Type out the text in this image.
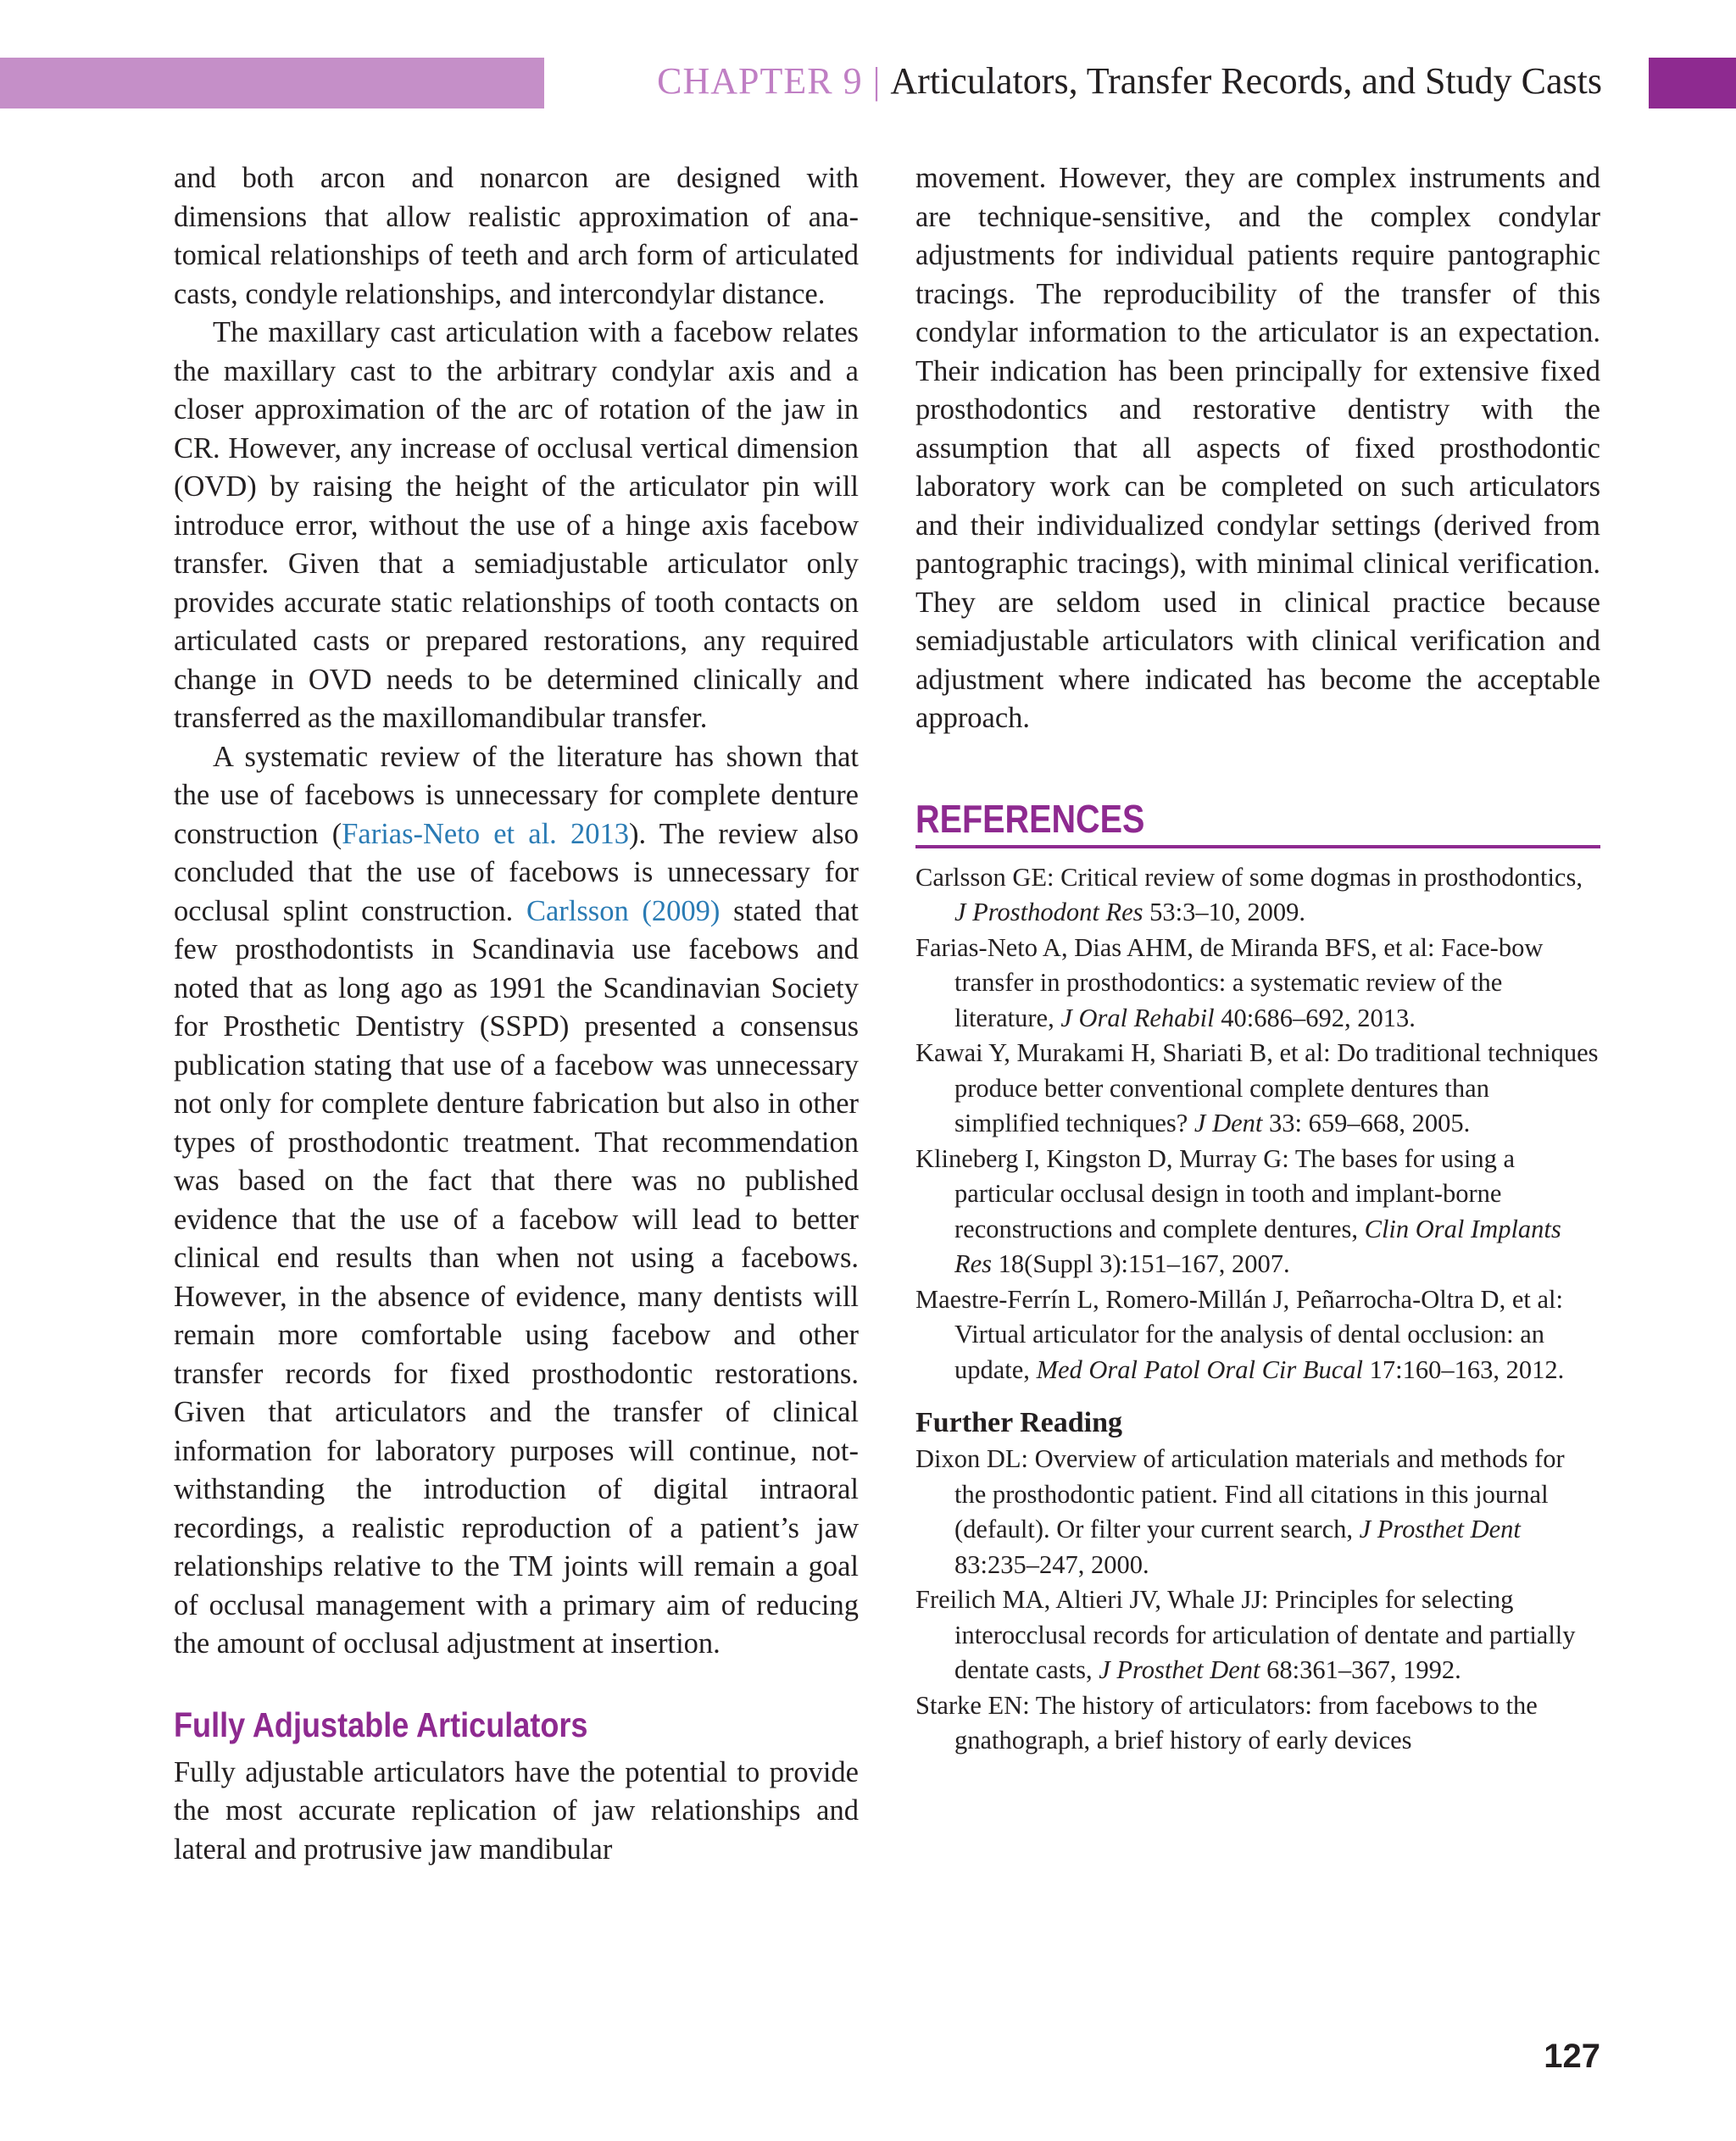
CHAPTER 9 | Articulators, Transfer Records, and Study Casts

and both arcon and nonarcon are designed with dimensions that allow realistic approximation of anatomical relationships of teeth and arch form of articulated casts, condyle relationships, and intercondylar distance.

The maxillary cast articulation with a facebow relates the maxillary cast to the arbitrary condylar axis and a closer approximation of the arc of rotation of the jaw in CR. However, any increase of occlusal vertical dimension (OVD) by raising the height of the articulator pin will introduce error, without the use of a hinge axis facebow transfer. Given that a semiadjustable articulator only provides accurate static relationships of tooth contacts on articulated casts or prepared restorations, any required change in OVD needs to be determined clinically and transferred as the maxillomandibular transfer.

A systematic review of the literature has shown that the use of facebows is unnecessary for complete denture construction (Farias-Neto et al. 2013). The review also concluded that the use of facebows is unnecessary for occlusal splint construction. Carlsson (2009) stated that few prosthodontists in Scandinavia use facebows and noted that as long ago as 1991 the Scandinavian Society for Prosthetic Dentistry (SSPD) presented a consensus publication stating that use of a facebow was unnecessary not only for complete denture fabrication but also in other types of prosthodontic treatment. That recommendation was based on the fact that there was no published evidence that the use of a facebow will lead to better clinical end results than when not using a facebows. However, in the absence of evidence, many dentists will remain more comfortable using facebow and other transfer records for fixed prosthodontic restorations. Given that articulators and the transfer of clinical information for laboratory purposes will continue, notwithstanding the introduction of digital intraoral recordings, a realistic reproduction of a patient’s jaw relationships relative to the TM joints will remain a goal of occlusal management with a primary aim of reducing the amount of occlusal adjustment at insertion.

Fully Adjustable Articulators

Fully adjustable articulators have the potential to provide the most accurate replication of jaw relationships and lateral and protrusive jaw mandibular

movement. However, they are complex instruments and are technique-sensitive, and the complex condylar adjustments for individual patients require pantographic tracings. The reproducibility of the transfer of this condylar information to the articulator is an expectation. Their indication has been principally for extensive fixed prosthodontics and restorative dentistry with the assumption that all aspects of fixed prosthodontic laboratory work can be completed on such articulators and their individualized condylar settings (derived from pantographic tracings), with minimal clinical verification. They are seldom used in clinical practice because semiadjustable articulators with clinical verification and adjustment where indicated has become the acceptable approach.

REFERENCES
Carlsson GE: Critical review of some dogmas in prosthodontics, J Prosthodont Res 53:3–10, 2009.
Farias-Neto A, Dias AHM, de Miranda BFS, et al: Face-bow transfer in prosthodontics: a systematic review of the literature, J Oral Rehabil 40:686–692, 2013.
Kawai Y, Murakami H, Shariati B, et al: Do traditional techniques produce better conventional complete dentures than simplified techniques? J Dent 33: 659–668, 2005.
Klineberg I, Kingston D, Murray G: The bases for using a particular occlusal design in tooth and implant-borne reconstructions and complete dentures, Clin Oral Implants Res 18(Suppl 3):151–167, 2007.
Maestre-Ferrín L, Romero-Millán J, Peñarrocha-Oltra D, et al: Virtual articulator for the analysis of dental occlusion: an update, Med Oral Patol Oral Cir Bucal 17:160–163, 2012.
Further Reading
Dixon DL: Overview of articulation materials and methods for the prosthodontic patient. Find all citations in this journal (default). Or filter your current search, J Prosthet Dent 83:235–247, 2000.
Freilich MA, Altieri JV, Whale JJ: Principles for selecting interocclusal records for articulation of dentate and partially dentate casts, J Prosthet Dent 68:361–367, 1992.
Starke EN: The history of articulators: from facebows to the gnathograph, a brief history of early devices
127
